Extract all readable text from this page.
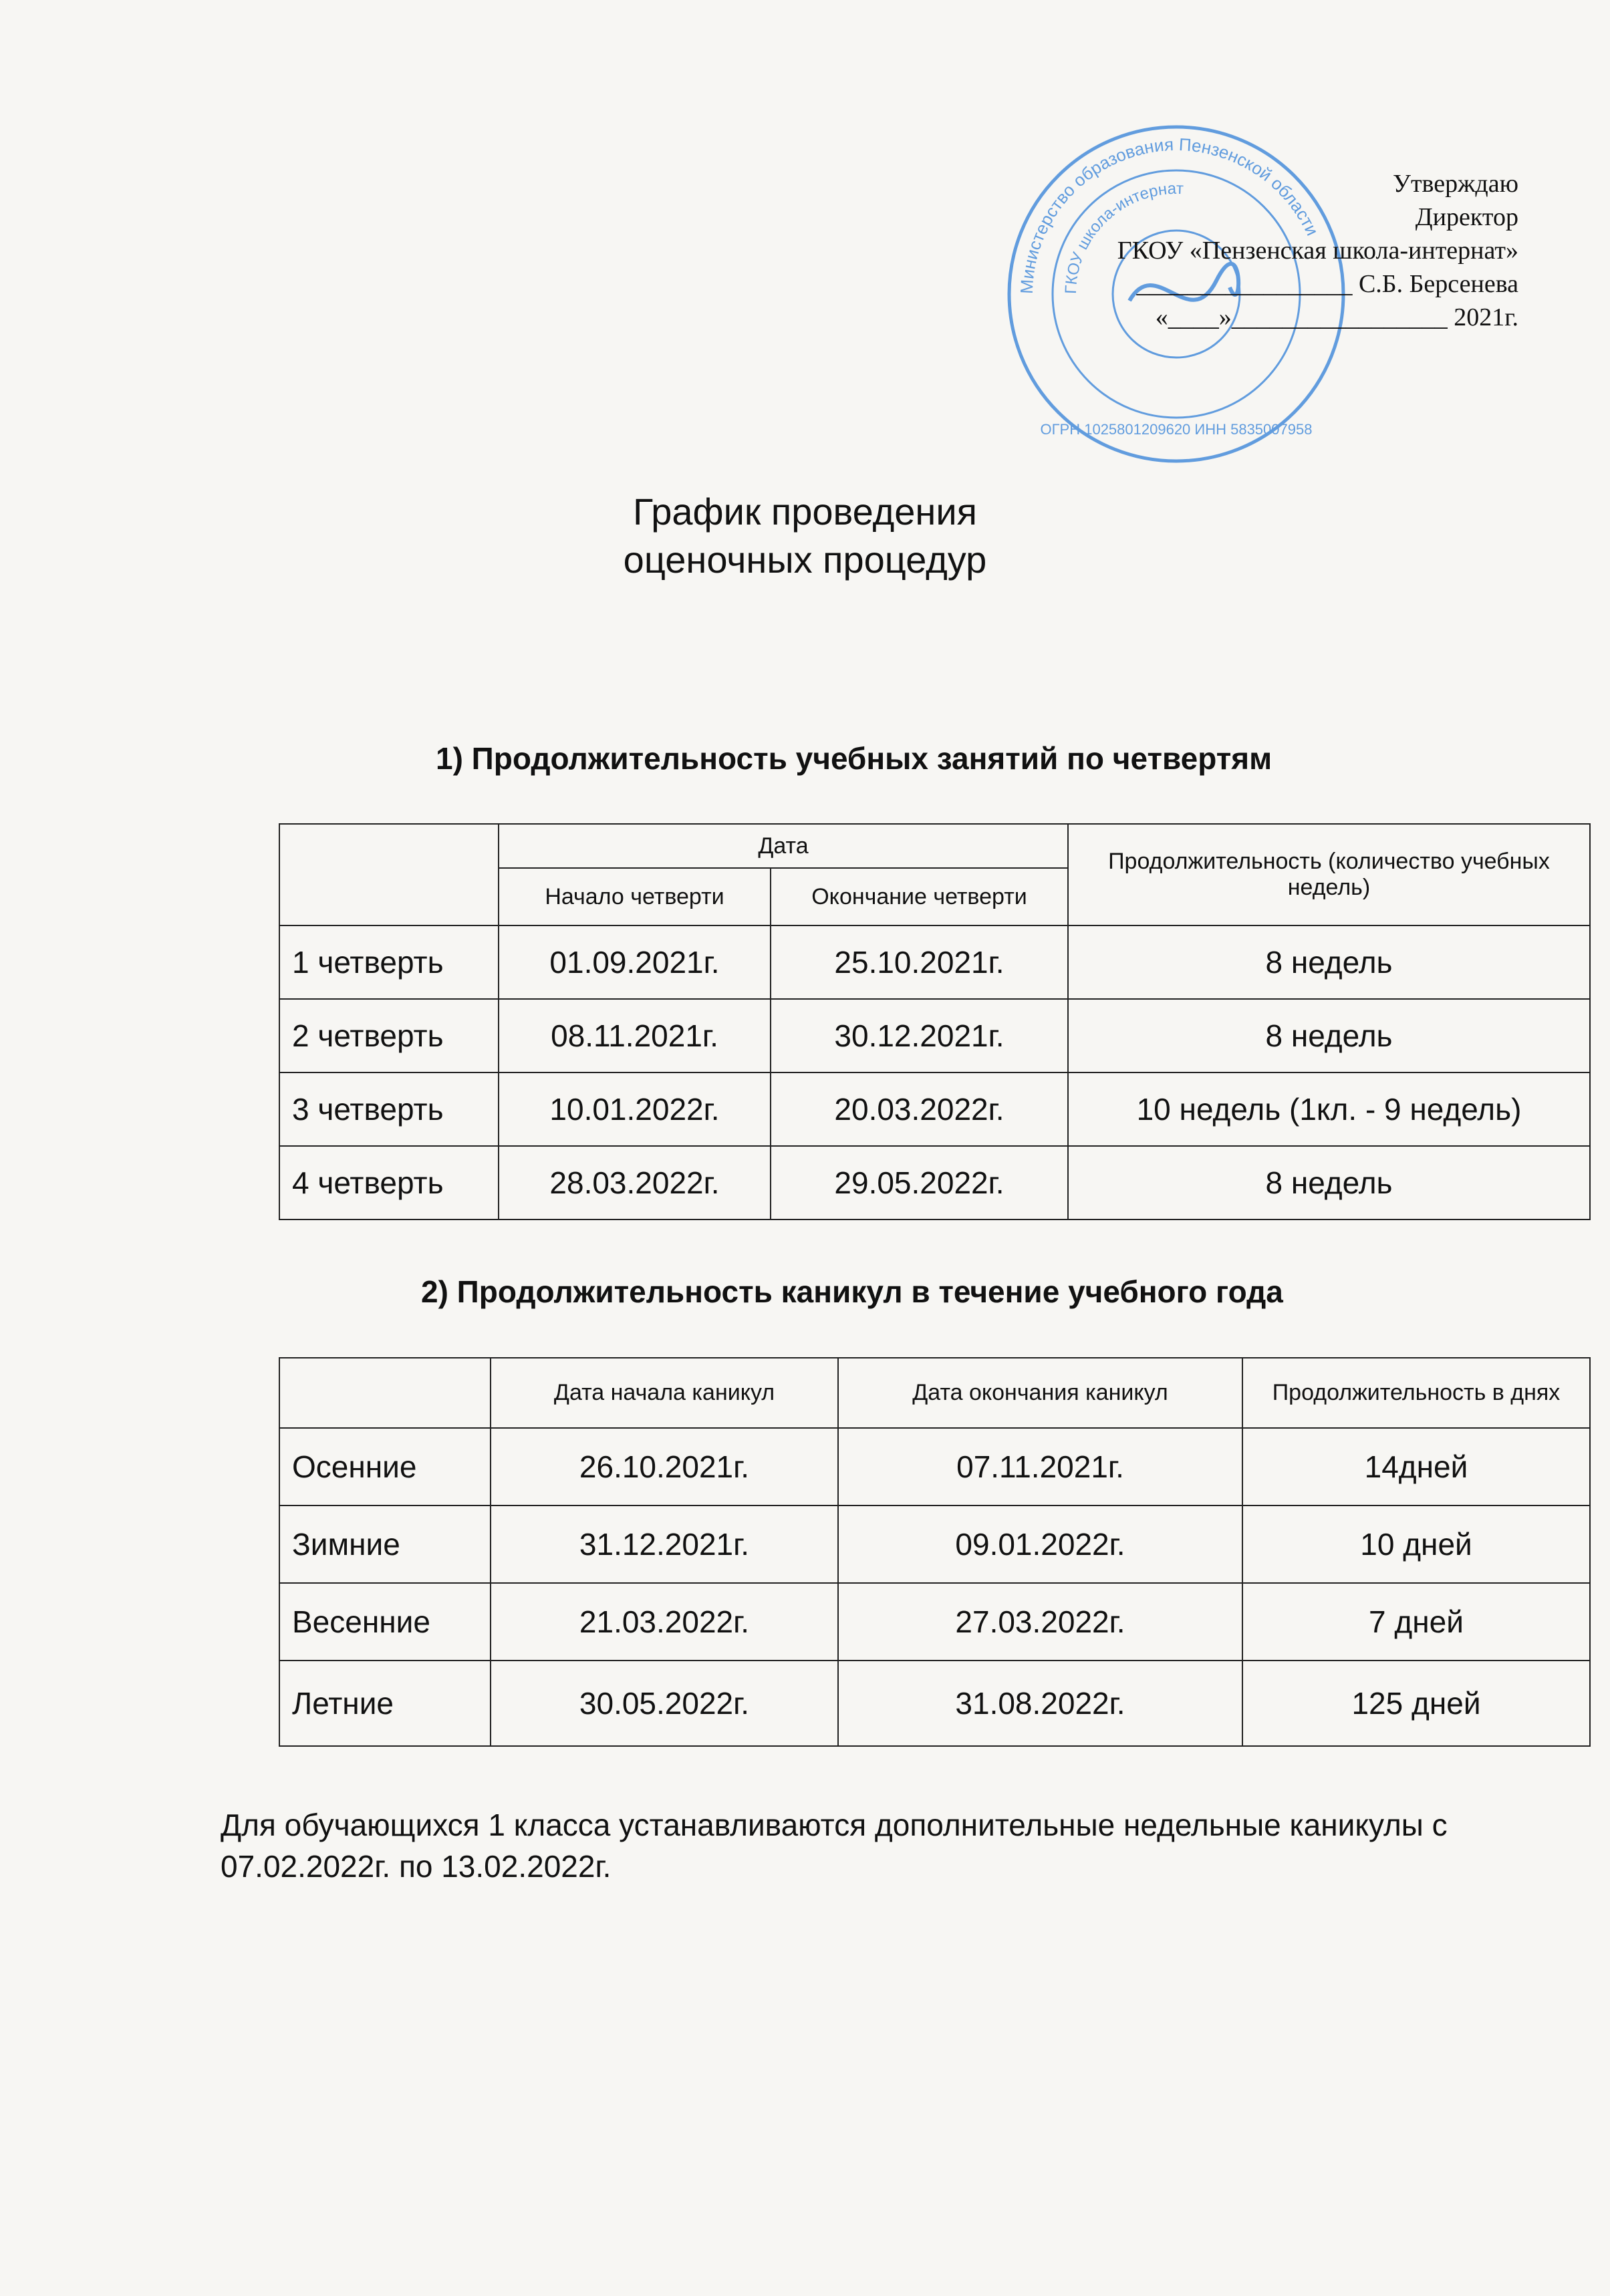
Министерство образования Пензенской области
ГКОУ школа-интернат
ОГРН 1025801209620 ИНН 5835007958
Утверждаю
Директор
ГКОУ «Пензенская школа-интернат»
_________________ С.Б. Берсенева
«____»_________________ 2021г.
График проведения
оценочных процедур
1) Продолжительность учебных занятий по четвертям
	Дата		Продолжительность (количество учебных недель)
	Начало четверти	Окончание четверти	
1 четверть	01.09.2021г.	25.10.2021г.	8 недель
2 четверть	08.11.2021г.	30.12.2021г.	8 недель
3 четверть	10.01.2022г.	20.03.2022г.	10 недель (1кл. - 9 недель)
4 четверть	28.03.2022г.	29.05.2022г.	8 недель
2) Продолжительность каникул в течение учебного года
	Дата начала каникул	Дата окончания каникул	Продолжительность в днях
Осенние	26.10.2021г.	07.11.2021г.	14дней
Зимние	31.12.2021г.	09.01.2022г.	10 дней
Весенние	21.03.2022г.	27.03.2022г.	7 дней
Летние	30.05.2022г.	31.08.2022г.	125 дней
Для обучающихся 1 класса устанавливаются дополнительные недельные каникулы с 07.02.2022г. по 13.02.2022г.
